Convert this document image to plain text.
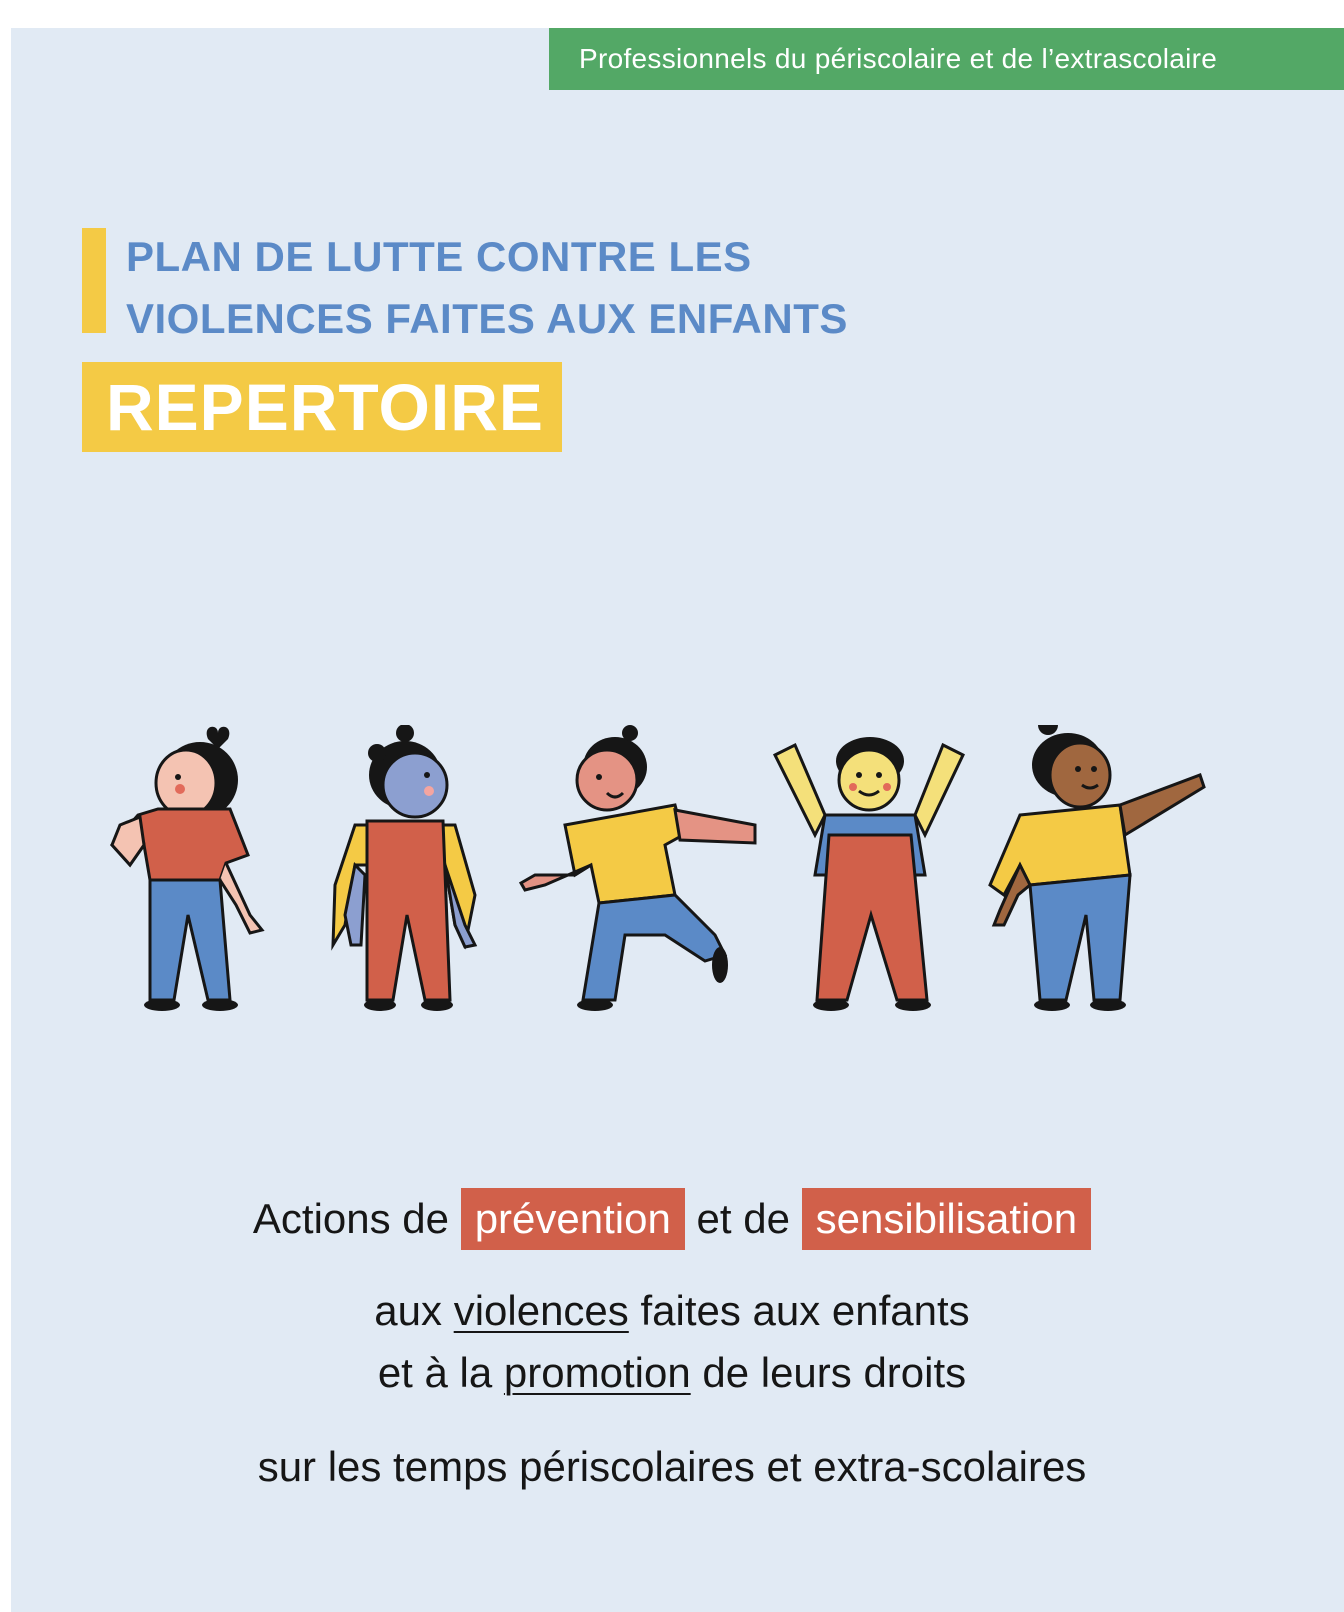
Professionnels du périscolaire et de l’extrascolaire
PLAN DE LUTTE CONTRE LES
VIOLENCES FAITES AUX ENFANTS
REPERTOIRE
Actions de prévention et de sensibilisation
aux violences faites aux enfants
et à la promotion de leurs droits
sur les temps périscolaires et extra-scolaires
